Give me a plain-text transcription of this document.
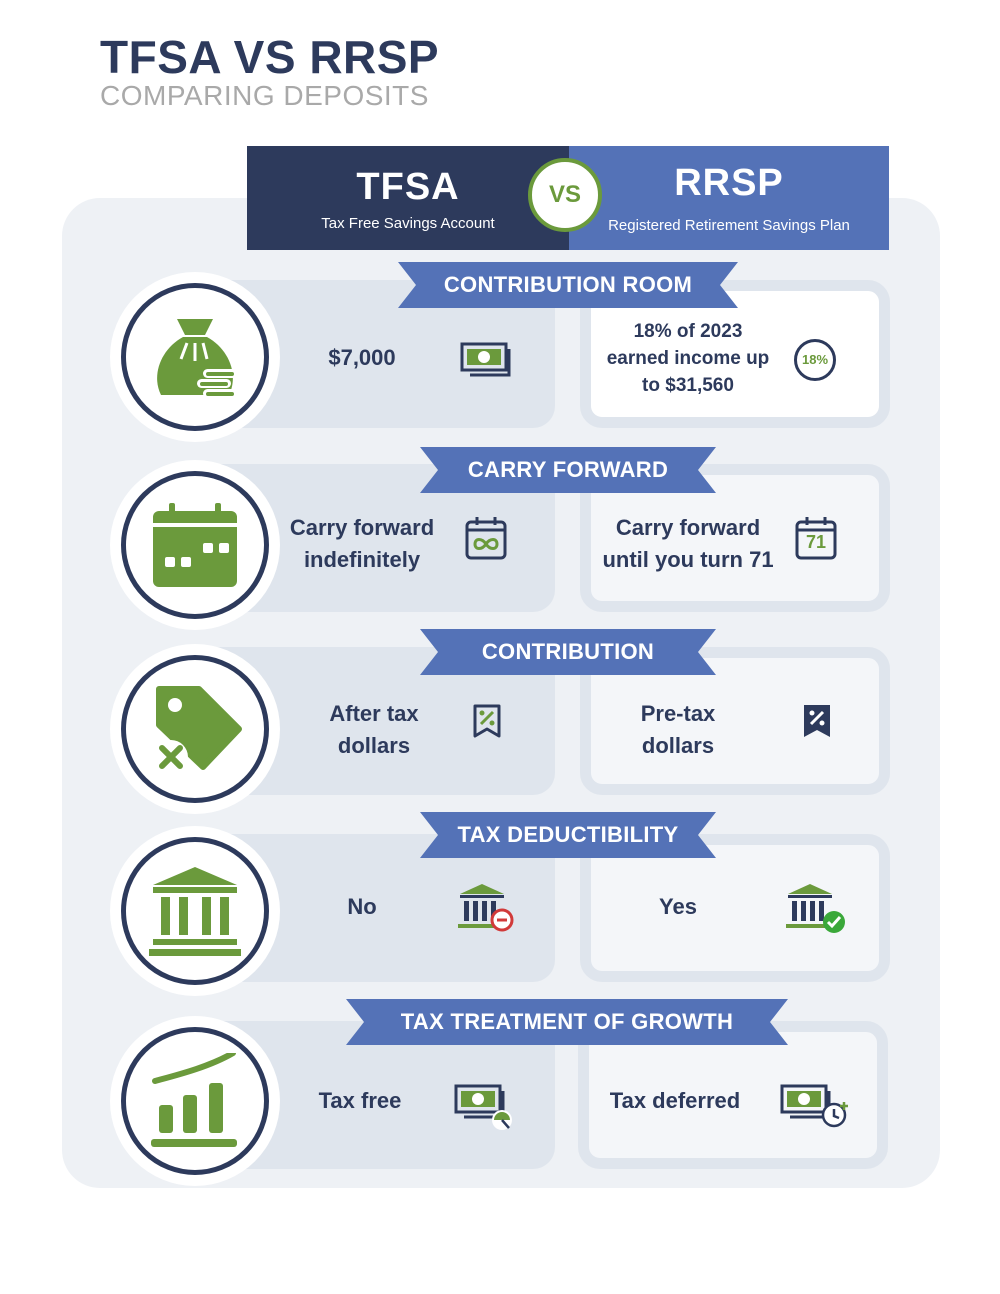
TFSA VS RRSP
COMPARING DEPOSITS
TFSA
Tax Free Savings Account
RRSP
Registered Retirement Savings Plan
VS
CONTRIBUTION ROOM
$7,000
18% of 2023
earned income up
to $31,560
18%
CARRY FORWARD
Carry forward
indefinitely
Carry forward
until you turn 71
71
CONTRIBUTION
After tax
dollars
Pre-tax
dollars
TAX DEDUCTIBILITY
No	Yes
TAX TREATMENT OF GROWTH
Tax free	Tax deferred
